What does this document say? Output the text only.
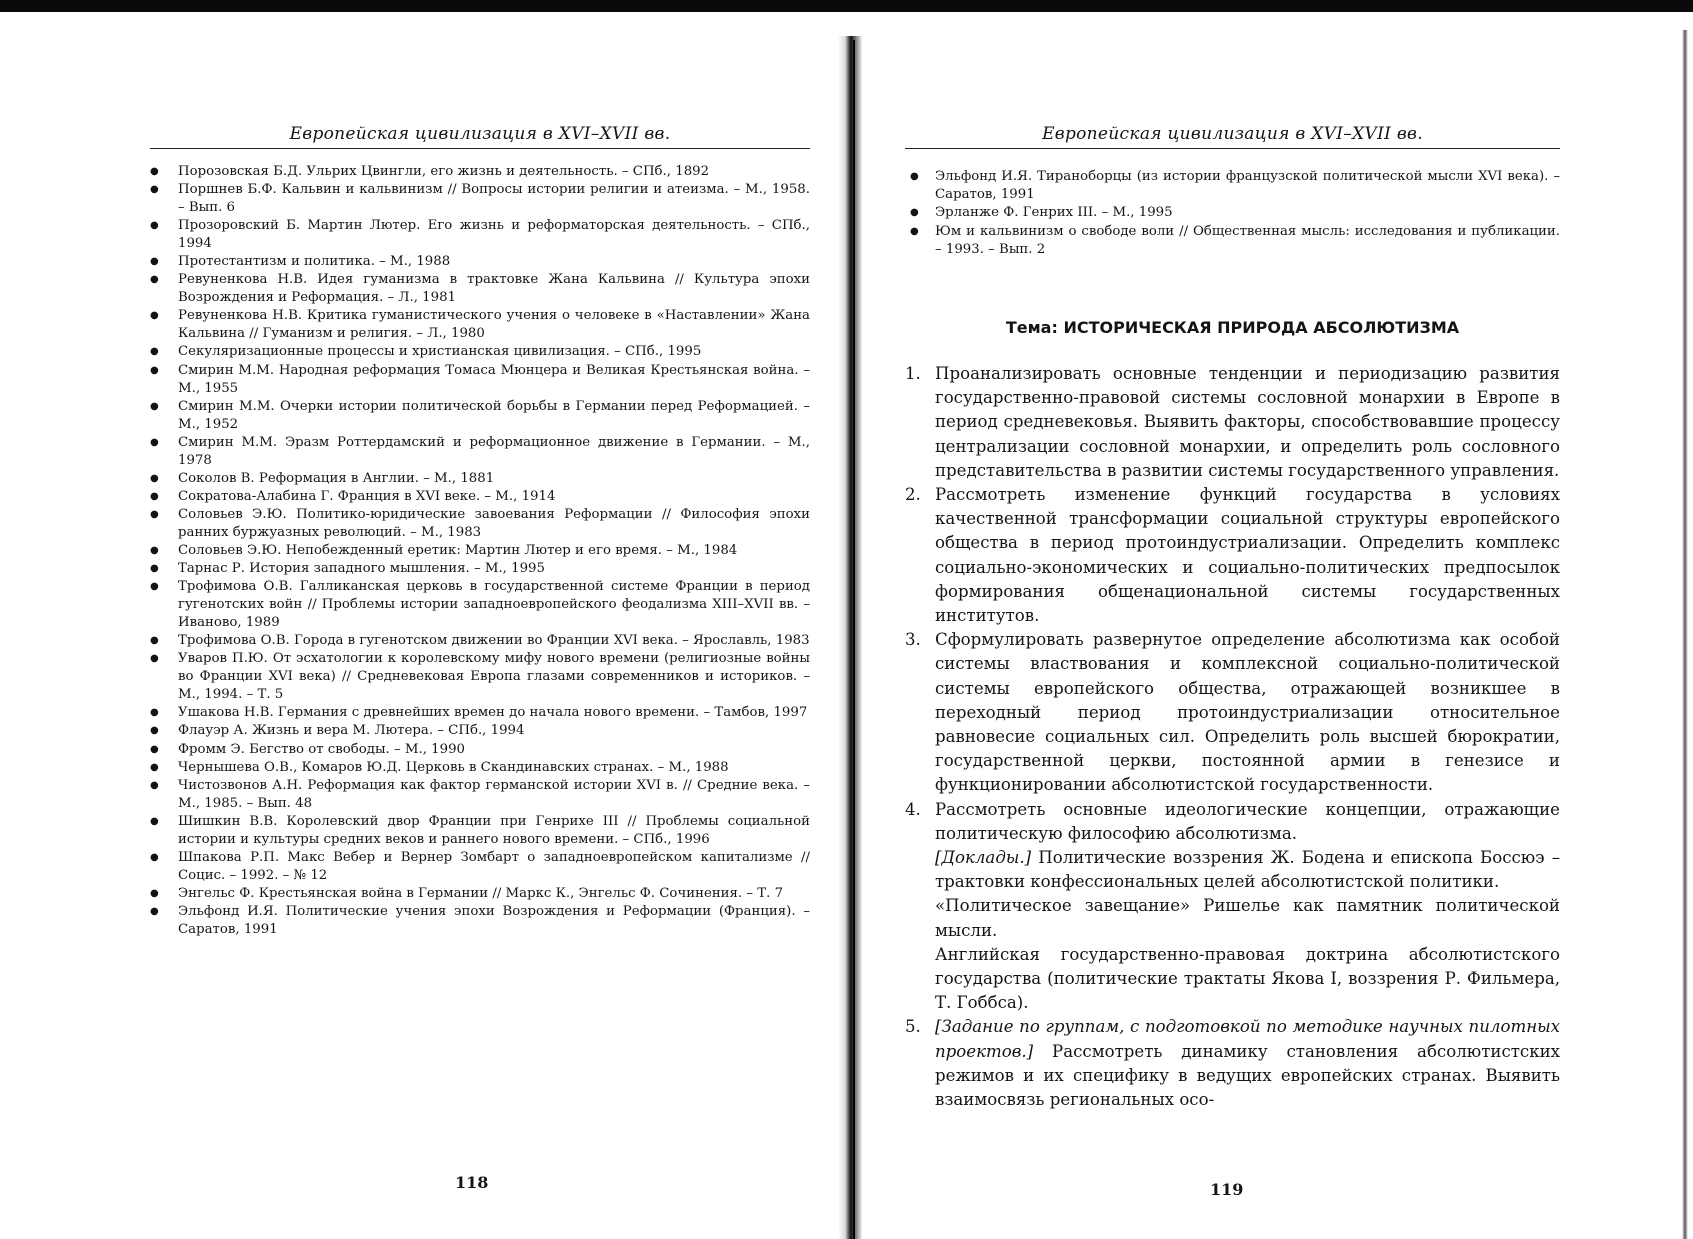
Европейская цивилизация в XVI–XVII вв.
● Порозовская Б.Д. Ульрих Цвингли, его жизнь и деятельность. – СПб., 1892
● Поршнев Б.Ф. Кальвин и кальвинизм // Вопросы истории религии и атеизма. – М., 1958. – Вып. 6
● Прозоровский Б. Мартин Лютер. Его жизнь и реформаторская деятельность. – СПб., 1994
● Протестантизм и политика. – М., 1988
● Ревуненкова Н.В. Идея гуманизма в трактовке Жана Кальвина // Культура эпохи Возрождения и Реформация. – Л., 1981
● Ревуненкова Н.В. Критика гуманистического учения о человеке в «Наставлении» Жана Кальвина // Гуманизм и религия. – Л., 1980
● Секуляризационные процессы и христианская цивилизация. – СПб., 1995
● Смирин М.М. Народная реформация Томаса Мюнцера и Великая Крестьянская война. – М., 1955
● Смирин М.М. Очерки истории политической борьбы в Германии перед Реформацией. – М., 1952
● Смирин М.М. Эразм Роттердамский и реформационное движение в Германии. – М., 1978
● Соколов В. Реформация в Англии. – М., 1881
● Сократова-Алабина Г. Франция в XVI веке. – М., 1914
● Соловьев Э.Ю. Политико-юридические завоевания Реформации // Философия эпохи ранних буржуазных революций. – М., 1983
● Соловьев Э.Ю. Непобежденный еретик: Мартин Лютер и его время. – М., 1984
● Тарнас Р. История западного мышления. – М., 1995
● Трофимова О.В. Галликанская церковь в государственной системе Франции в период гугенотских войн // Проблемы истории западноевропейского феодализма XIII–XVII вв. – Иваново, 1989
● Трофимова О.В. Города в гугенотском движении во Франции XVI века. – Ярославль, 1983
● Уваров П.Ю. От эсхатологии к королевскому мифу нового времени (религиозные войны во Франции XVI века) // Средневековая Европа глазами современников и историков. – М., 1994. – Т. 5
● Ушакова Н.В. Германия с древнейших времен до начала нового времени. – Тамбов, 1997
● Флауэр А. Жизнь и вера М. Лютера. – СПб., 1994
● Фромм Э. Бегство от свободы. – М., 1990
● Чернышева О.В., Комаров Ю.Д. Церковь в Скандинавских странах. – М., 1988
● Чистозвонов А.Н. Реформация как фактор германской истории XVI в. // Средние века. – М., 1985. – Вып. 48
● Шишкин В.В. Королевский двор Франции при Генрихе III // Проблемы социальной истории и культуры средних веков и раннего нового времени. – СПб., 1996
● Шпакова Р.П. Макс Вебер и Вернер Зомбарт о западноевропейском капитализме // Социс. – 1992. – № 12
● Энгельс Ф. Крестьянская война в Германии // Маркс К., Энгельс Ф. Сочинения. – Т. 7
● Эльфонд И.Я. Политические учения эпохи Возрождения и Реформации (Франция). – Саратов, 1991
118
Европейская цивилизация в XVI–XVII вв.
● Эльфонд И.Я. Тираноборцы (из истории французской политической мысли XVI века). – Саратов, 1991
● Эрланже Ф. Генрих III. – М., 1995
● Юм и кальвинизм о свободе воли // Общественная мысль: исследования и публикации. – 1993. – Вып. 2
Тема: ИСТОРИЧЕСКАЯ ПРИРОДА АБСОЛЮТИЗМА
1. Проанализировать основные тенденции и периодизацию развития государственно-правовой системы сословной монархии в Европе в период средневековья. Выявить факторы, способствовавшие процессу централизации сословной монархии, и определить роль сословного представительства в развитии системы государственного управления.
2. Рассмотреть изменение функций государства в условиях качественной трансформации социальной структуры европейского общества в период протоиндустриализации. Определить комплекс социально-экономических и социально-политических предпосылок формирования общенациональной системы государственных институтов.
3. Сформулировать развернутое определение абсолютизма как особой системы властвования и комплексной социально-политической системы европейского общества, отражающей возникшее в переходный период протоиндустриализации относительное равновесие социальных сил. Определить роль высшей бюрократии, государственной церкви, постоянной армии в генезисе и функционировании абсолютистской государственности.
4. Рассмотреть основные идеологические концепции, отражающие политическую философию абсолютизма.

[Доклады.] Политические воззрения Ж. Бодена и епископа Боссюэ – трактовки конфессиональных целей абсолютистской политики.

«Политическое завещание» Ришелье как памятник политической мысли.

Английская государственно-правовая доктрина абсолютистского государства (политические трактаты Якова I, воззрения Р. Фильмера, Т. Гоббса).

5. [Задание по группам, с подготовкой по методике научных пилотных проектов.] Рассмотреть динамику становления абсолютистских режимов и их специфику в ведущих европейских странах. Выявить взаимосвязь региональных осо-
119
